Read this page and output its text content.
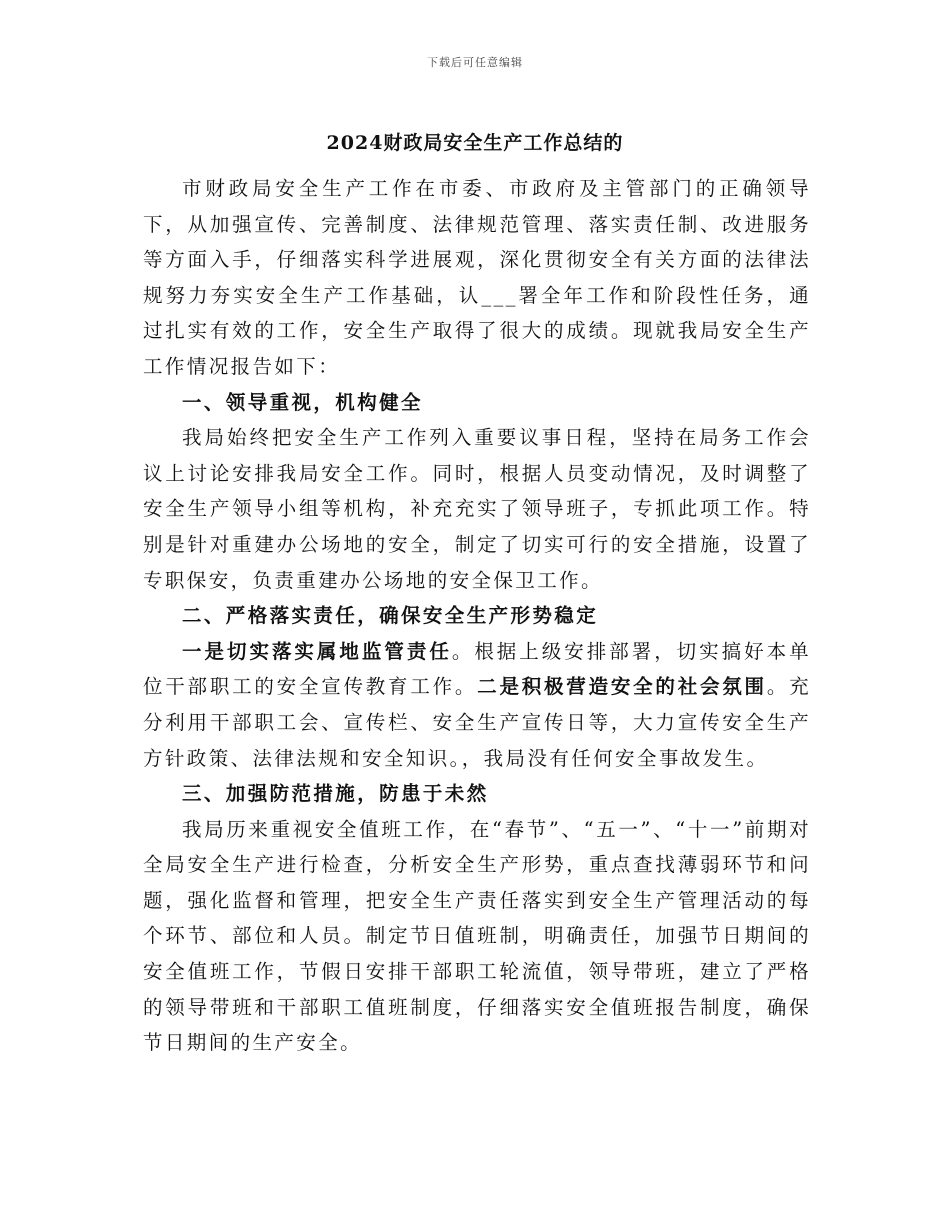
下载后可任意编辑
2024财政局安全生产工作总结的

市财政局安全生产工作在市委、市政府及主管部门的正确领导下，从加强宣传、完善制度、法律规范管理、落实责任制、改进服务等方面入手，仔细落实科学进展观，深化贯彻安全有关方面的法律法规努力夯实安全生产工作基础，认___署全年工作和阶段性任务，通过扎实有效的工作，安全生产取得了很大的成绩。现就我局安全生产工作情况报告如下：

一、领导重视，机构健全

我局始终把安全生产工作列入重要议事日程，坚持在局务工作会议上讨论安排我局安全工作。同时，根据人员变动情况，及时调整了安全生产领导小组等机构，补充充实了领导班子，专抓此项工作。特别是针对重建办公场地的安全，制定了切实可行的安全措施，设置了专职保安，负责重建办公场地的安全保卫工作。

二、严格落实责任，确保安全生产形势稳定

一是切实落实属地监管责任。根据上级安排部署，切实搞好本单位干部职工的安全宣传教育工作。二是积极营造安全的社会氛围。充分利用干部职工会、宣传栏、安全生产宣传日等，大力宣传安全生产方针政策、法律法规和安全知识。，我局没有任何安全事故发生。

三、加强防范措施，防患于未然

我局历来重视安全值班工作，在“春节”、“五一”、“十一”前期对全局安全生产进行检查，分析安全生产形势，重点查找薄弱环节和问题，强化监督和管理，把安全生产责任落实到安全生产管理活动的每个环节、部位和人员。制定节日值班制，明确责任，加强节日期间的安全值班工作，节假日安排干部职工轮流值，领导带班，建立了严格的领导带班和干部职工值班制度，仔细落实安全值班报告制度，确保节日期间的生产安全。
